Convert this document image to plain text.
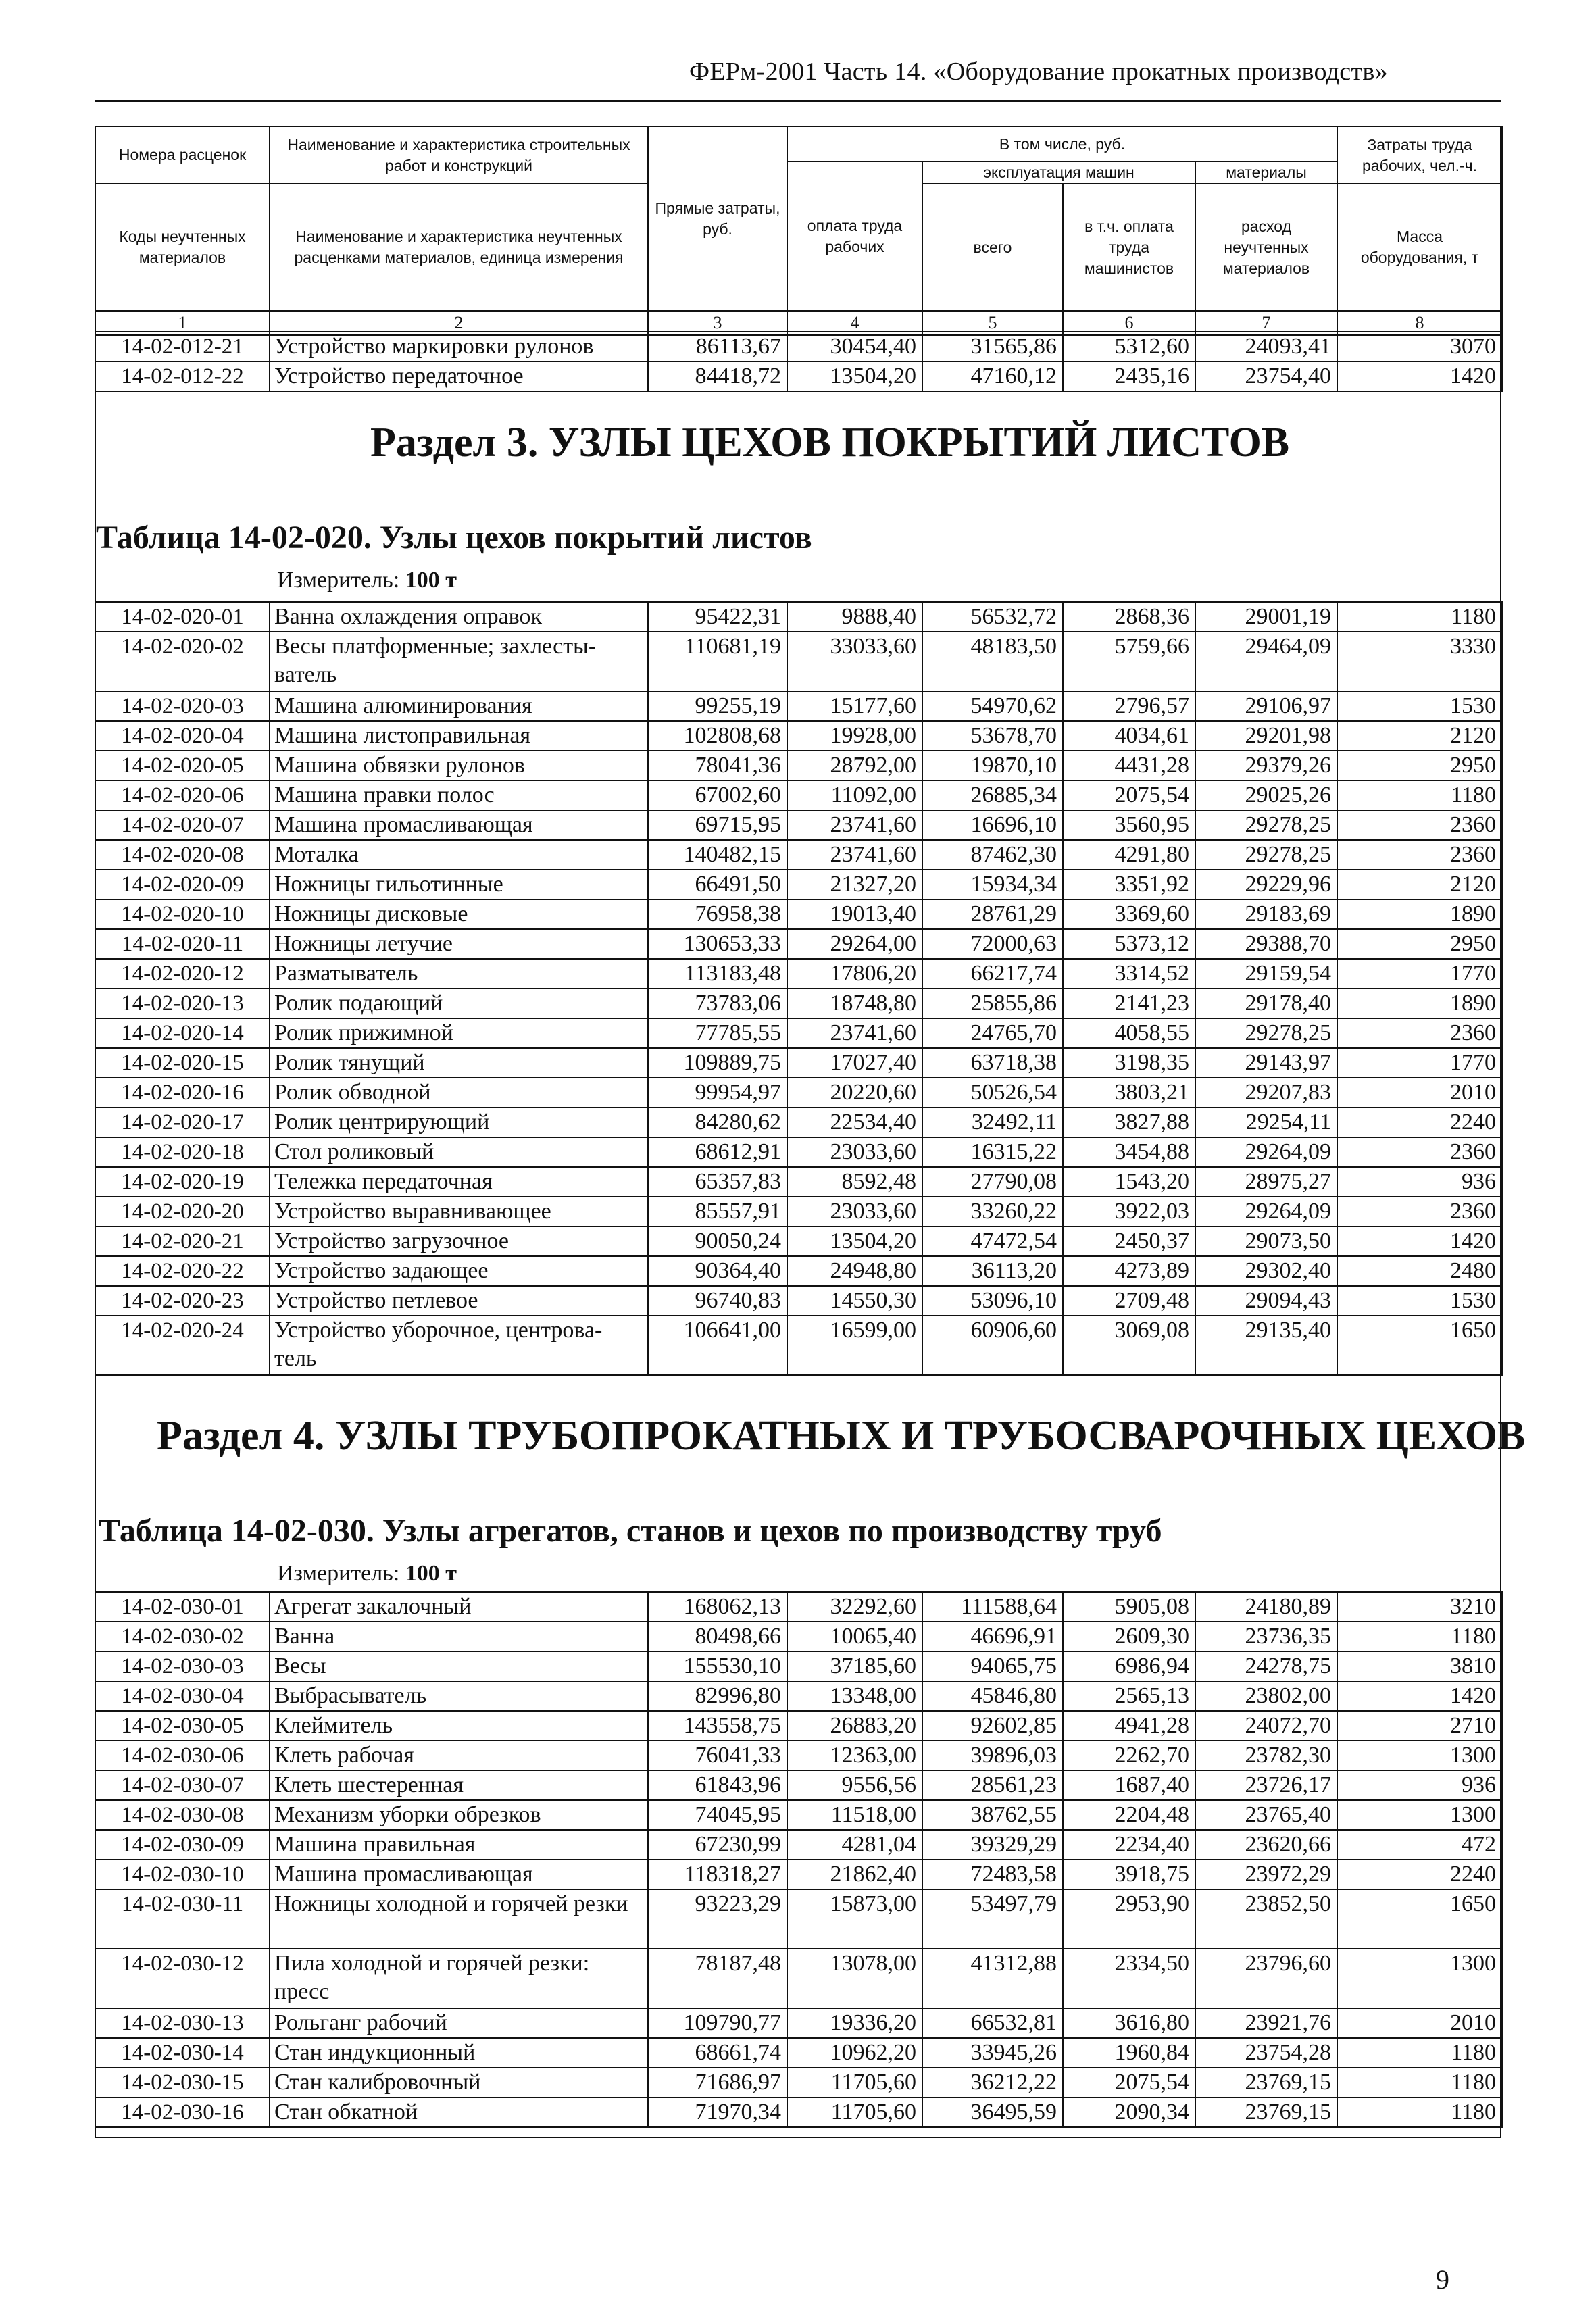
ФЕРм-2001 Часть 14. «Оборудование прокатных производств»
Номера расценок	Наименование и характеристика строительных работ и конструкций	Прямые затраты, руб.	В том числе, руб.				Затраты труда рабочих, чел.-ч.
			оплата труда рабочих	эксплуатация машин		материалы	
Коды неучтенных материалов	Наименование и характеристика неучтенных расценками материалов, единица измерения			всего	в т.ч. оплата труда машинистов	расход неучтенных материалов	Масса оборудования, т

1	2	3	4	5	6	7	8
14-02-012-21	Устройство маркировки рулонов	86113,67	30454,40	31565,86	5312,60	24093,41	3070
14-02-012-22	Устройство передаточное	84418,72	13504,20	47160,12	2435,16	23754,40	1420
Раздел 3. УЗЛЫ ЦЕХОВ ПОКРЫТИЙ ЛИСТОВ
Таблица 14-02-020. Узлы цехов покрытий листов
Измеритель: 100 т
14-02-020-01	Ванна охлаждения оправок	95422,31	9888,40	56532,72	2868,36	29001,19	1180
14-02-020-02	Весы платформенные; захлесты-ватель	110681,19	33033,60	48183,50	5759,66	29464,09	3330
14-02-020-03	Машина алюминирования	99255,19	15177,60	54970,62	2796,57	29106,97	1530
14-02-020-04	Машина листоправильная	102808,68	19928,00	53678,70	4034,61	29201,98	2120
14-02-020-05	Машина обвязки рулонов	78041,36	28792,00	19870,10	4431,28	29379,26	2950
14-02-020-06	Машина правки полос	67002,60	11092,00	26885,34	2075,54	29025,26	1180
14-02-020-07	Машина промасливающая	69715,95	23741,60	16696,10	3560,95	29278,25	2360
14-02-020-08	Моталка	140482,15	23741,60	87462,30	4291,80	29278,25	2360
14-02-020-09	Ножницы гильотинные	66491,50	21327,20	15934,34	3351,92	29229,96	2120
14-02-020-10	Ножницы дисковые	76958,38	19013,40	28761,29	3369,60	29183,69	1890
14-02-020-11	Ножницы летучие	130653,33	29264,00	72000,63	5373,12	29388,70	2950
14-02-020-12	Разматыватель	113183,48	17806,20	66217,74	3314,52	29159,54	1770
14-02-020-13	Ролик подающий	73783,06	18748,80	25855,86	2141,23	29178,40	1890
14-02-020-14	Ролик прижимной	77785,55	23741,60	24765,70	4058,55	29278,25	2360
14-02-020-15	Ролик тянущий	109889,75	17027,40	63718,38	3198,35	29143,97	1770
14-02-020-16	Ролик обводной	99954,97	20220,60	50526,54	3803,21	29207,83	2010
14-02-020-17	Ролик центрирующий	84280,62	22534,40	32492,11	3827,88	29254,11	2240
14-02-020-18	Стол роликовый	68612,91	23033,60	16315,22	3454,88	29264,09	2360
14-02-020-19	Тележка передаточная	65357,83	8592,48	27790,08	1543,20	28975,27	936
14-02-020-20	Устройство выравнивающее	85557,91	23033,60	33260,22	3922,03	29264,09	2360
14-02-020-21	Устройство загрузочное	90050,24	13504,20	47472,54	2450,37	29073,50	1420
14-02-020-22	Устройство задающее	90364,40	24948,80	36113,20	4273,89	29302,40	2480
14-02-020-23	Устройство петлевое	96740,83	14550,30	53096,10	2709,48	29094,43	1530
14-02-020-24	Устройство уборочное, центрова-тель	106641,00	16599,00	60906,60	3069,08	29135,40	1650
Раздел 4. УЗЛЫ ТРУБОПРОКАТНЫХ И ТРУБОСВАРОЧНЫХ ЦЕХОВ
Таблица 14-02-030. Узлы агрегатов, станов и цехов по производству труб
Измеритель: 100 т
14-02-030-01	Агрегат закалочный	168062,13	32292,60	111588,64	5905,08	24180,89	3210
14-02-030-02	Ванна	80498,66	10065,40	46696,91	2609,30	23736,35	1180
14-02-030-03	Весы	155530,10	37185,60	94065,75	6986,94	24278,75	3810
14-02-030-04	Выбрасыватель	82996,80	13348,00	45846,80	2565,13	23802,00	1420
14-02-030-05	Клеймитель	143558,75	26883,20	92602,85	4941,28	24072,70	2710
14-02-030-06	Клеть рабочая	76041,33	12363,00	39896,03	2262,70	23782,30	1300
14-02-030-07	Клеть шестеренная	61843,96	9556,56	28561,23	1687,40	23726,17	936
14-02-030-08	Механизм уборки обрезков	74045,95	11518,00	38762,55	2204,48	23765,40	1300
14-02-030-09	Машина правильная	67230,99	4281,04	39329,29	2234,40	23620,66	472
14-02-030-10	Машина промасливающая	118318,27	21862,40	72483,58	3918,75	23972,29	2240
14-02-030-11	Ножницы холодной и горячей резки	93223,29	15873,00	53497,79	2953,90	23852,50	1650
14-02-030-12	Пила холодной и горячей резки: пресс	78187,48	13078,00	41312,88	2334,50	23796,60	1300
14-02-030-13	Рольганг рабочий	109790,77	19336,20	66532,81	3616,80	23921,76	2010
14-02-030-14	Стан индукционный	68661,74	10962,20	33945,26	1960,84	23754,28	1180
14-02-030-15	Стан калибровочный	71686,97	11705,60	36212,22	2075,54	23769,15	1180
14-02-030-16	Стан обкатной	71970,34	11705,60	36495,59	2090,34	23769,15	1180
9
